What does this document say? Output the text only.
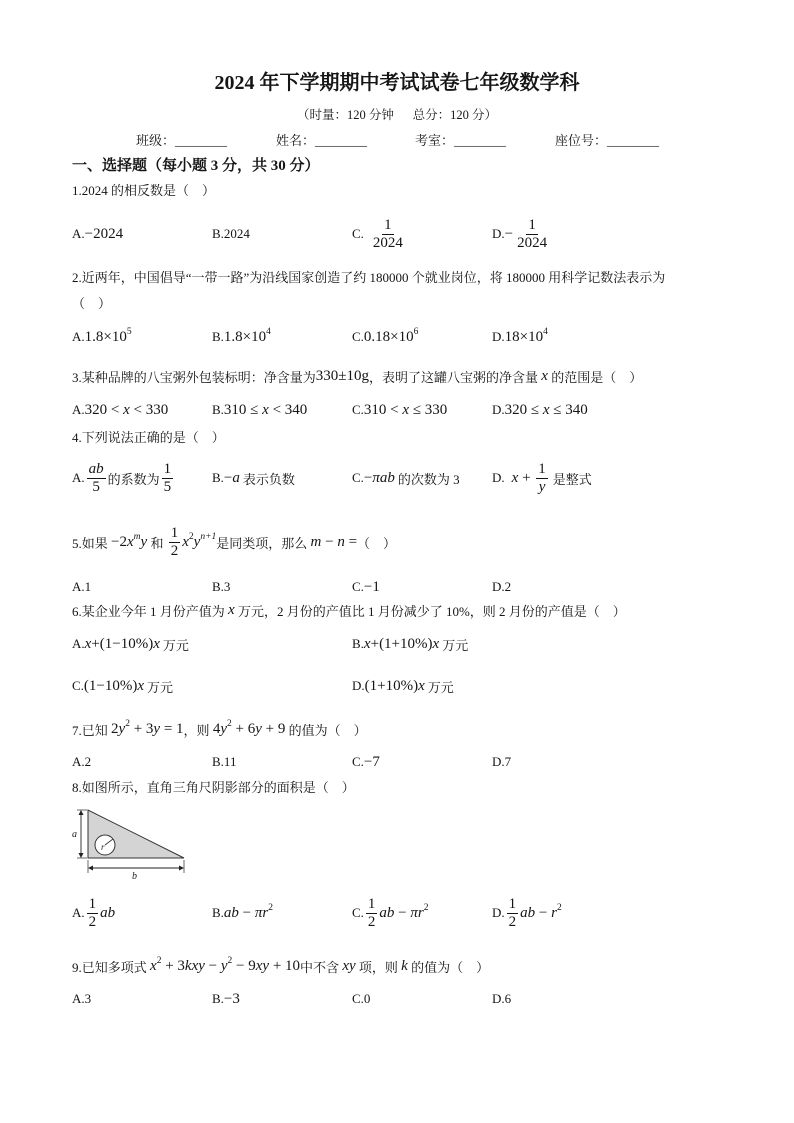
2024 年下学期期中考试试卷七年级数学科
（时量：120 分钟      总分：120 分）
班级：________	姓名：________	考室：________	座位号：________
一、选择题（每小题 3 分，共 30 分）
1.2024 的相反数是（    ）
A. −2024	B. 2024	C. $\frac{1}{2024}$	D. − $\frac{1}{2024}$
2.近两年，中国倡导“一带一路”为沿线国家创造了约 180000 个就业岗位，将 180000 用科学记数法表示为
（    ）
A. $1.8\times 10^5$	B. $1.8\times 10^4$	C. $0.18\times 10^6$	D. $18\times 10^4$
3.某种品牌的八宝粥外包装标明：净含量为 330±10g ，表明了这罐八宝粥的净含量 x 的范围是（    ）
A. 320 < x < 330	B. 310 ≤ x < 340	C. 310 < x ≤ 330	D. 320 ≤ x ≤ 340
4.下列说法正确的是（    ）
A. $\frac{ab}{5}$ 的系数为 $\frac{1}{5}$	B. −a 表示负数	C. −πab 的次数为 3 D. $x + \frac{1}{y}$ 是整式
5.如果 $-2x^my$ 和 $\frac{1}{2} x^2y^{n+1}$ 是同类项，那么 m − n = （    ）
A. 1	B. 3	C. −1	D. 2
6.某企业今年 1 月份产值为 x 万元，2 月份的产值比 1 月份减少了 10%，则 2 月份的产值是（    ）
A. x+(1−10%)x 万元	B. x+(1+10%)x 万元
C. (1−10%)x 万元	D. (1+10%)x 万元
7.已知 $2y^2 + 3y = 1$ ，则 $4y^2 + 6y + 9$ 的值为（    ）
A. 2	B. 11	C. −7	D. 7
8.如图所示，直角三角尺阴影部分的面积是（    ）
r
a
b
A. $\frac{1}{2}$ ab	B. ab − $\pi r^2$	C. $\frac{1}{2}$ ab − $\pi r^2$	D. $\frac{1}{2}$ ab − $r^2$
9.已知多项式 $x^2 + 3kxy - y^2 - 9xy + 10$ 中不含 xy 项，则 k 的值为（    ）
A. 3	B. −3	C. 0	D. 6
